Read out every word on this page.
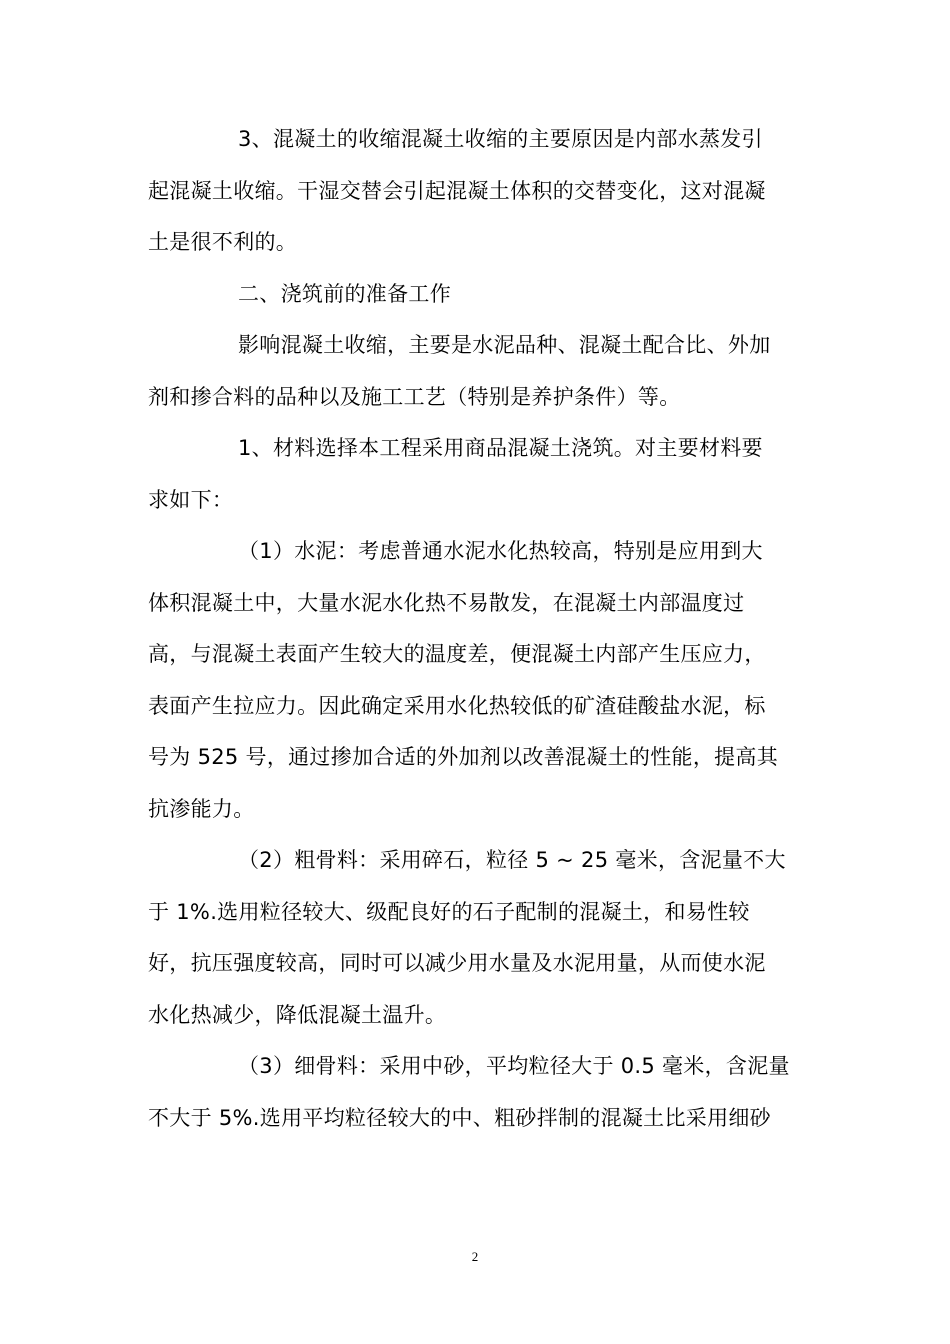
3、混凝土的收缩混凝土收缩的主要原因是内部水蒸发引
起混凝土收缩。干湿交替会引起混凝土体积的交替变化，这对混凝
土是很不利的。
二、浇筑前的准备工作
影响混凝土收缩，主要是水泥品种、混凝土配合比、外加
剂和掺合料的品种以及施工工艺（特别是养护条件）等。
1、材料选择本工程采用商品混凝土浇筑。对主要材料要
求如下：
（1）水泥：考虑普通水泥水化热较高，特别是应用到大
体积混凝土中，大量水泥水化热不易散发，在混凝土内部温度过
高，与混凝土表面产生较大的温度差，便混凝土内部产生压应力，
表面产生拉应力。因此确定采用水化热较低的矿渣硅酸盐水泥，标
号为 525 号，通过掺加合适的外加剂以改善混凝土的性能，提高其
抗渗能力。
（2）粗骨料：采用碎石，粒径 5 ~ 25 毫米，含泥量不大
于 1%.选用粒径较大、级配良好的石子配制的混凝土，和易性较
好，抗压强度较高，同时可以减少用水量及水泥用量，从而使水泥
水化热减少，降低混凝土温升。
（3）细骨料：采用中砂，平均粒径大于 0.5 毫米，含泥量
不大于 5%.选用平均粒径较大的中、粗砂拌制的混凝土比采用细砂
2
